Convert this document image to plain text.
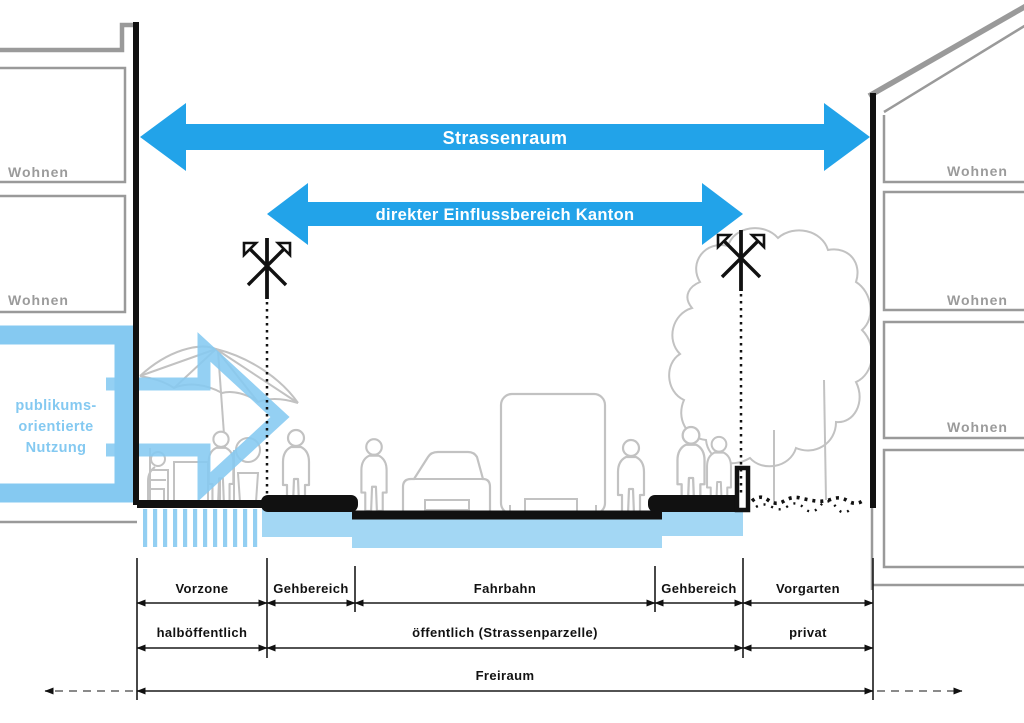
Wohnen
Wohnen
publikums-
orientierte
Nutzung
Wohnen
Wohnen
Wohnen
Strassenraum
direkter Einflussbereich Kanton
Vorzone	Gehbereich	Fahrbahn	Gehbereich	Vorgarten
halböffentlich	öffentlich (Strassenparzelle)	privat
Freiraum
